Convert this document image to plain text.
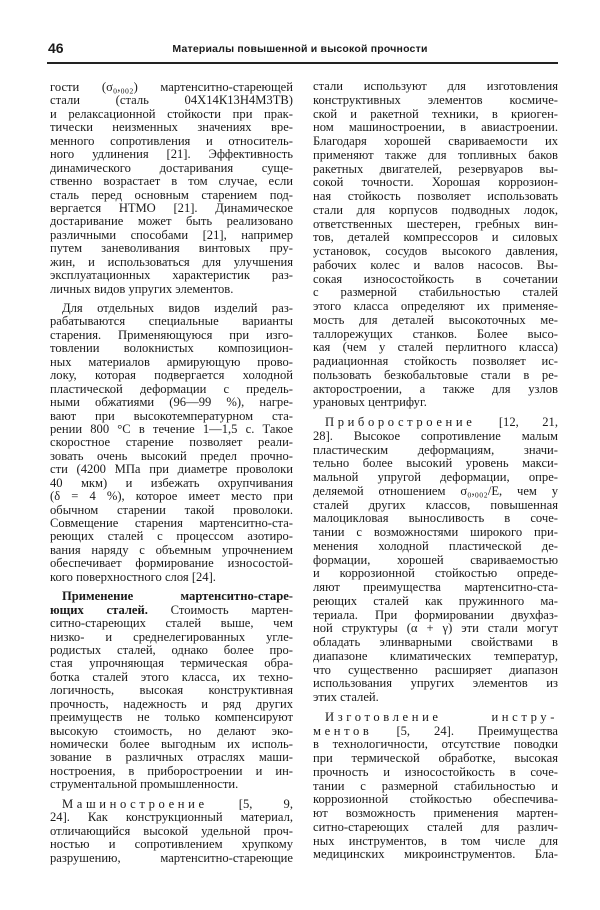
46	Материалы повышенной и высокой прочности
гости (σ₀,₀₀₂) мартенситно-стареющей
стали (сталь 04Х14К13Н4М3ТВ)
и релаксационной стойкости при прак-
тически неизменных значениях вре-
менного сопротивления и относитель-
ного удлинения [21]. Эффективность
динамического достаривания суще-
ственно возрастает в том случае, если
сталь перед основным старением под-
вергается НТМО [21]. Динамическое
достаривание может быть реализовано
различными способами [21], например
путем заневоливания винтовых пру-
жин, и использоваться для улучшения
эксплуатационных характеристик раз-
личных видов упругих элементов.
Для отдельных видов изделий раз-
рабатываются специальные варианты
старения. Применяющуюся при изго-
товлении волокнистых композицион-
ных материалов армирующую прово-
локу, которая подвергается холодной
пластической деформации с предель-
ными обжатиями (96—99 %), нагре-
вают при высокотемпературном ста-
рении 800 °C в течение 1—1,5 с. Такое
скоростное старение позволяет реали-
зовать очень высокий предел прочно-
сти (4200 МПа при диаметре проволоки
40 мкм) и избежать охрупчивания
(δ = 4 %), которое имеет место при
обычном старении такой проволоки.
Совмещение старения мартенситно-ста-
реющих сталей с процессом азотиро-
вания наряду с объемным упрочнением
обеспечивает формирование износостой-
кого поверхностного слоя [24].
Применение мартенситно-старе-
ющих сталей. Стоимость мартен-
ситно-стареющих сталей выше, чем
низко- и среднелегированных угле-
родистых сталей, однако более про-
стая упрочняющая термическая обра-
ботка сталей этого класса, их техно-
логичность, высокая конструктивная
прочность, надежность и ряд других
преимуществ не только компенсируют
высокую стоимость, но делают эко-
номически более выгодным их исполь-
зование в различных отраслях маши-
ностроения, в приборостроении и ин-
струментальной промышленности.
Машиностроение [5, 9,
24]. Как конструкционный материал,
отличающийся высокой удельной проч-
ностью и сопротивлением хрупкому
разрушению, мартенситно-стареющие
стали используют для изготовления
конструктивных элементов космиче-
ской и ракетной техники, в криоген-
ном машиностроении, в авиастроении.
Благодаря хорошей свариваемости их
применяют также для топливных баков
ракетных двигателей, резервуаров вы-
сокой точности. Хорошая коррозион-
ная стойкость позволяет использовать
стали для корпусов подводных лодок,
ответственных шестерен, гребных вин-
тов, деталей компрессоров и силовых
установок, сосудов высокого давления,
рабочих колес и валов насосов. Вы-
сокая износостойкость в сочетании
с размерной стабильностью сталей
этого класса определяют их применяе-
мость для деталей высокоточных ме-
таллорежущих станков. Более высо-
кая (чем у сталей перлитного класса)
радиационная стойкость позволяет ис-
пользовать безкобальтовые стали в ре-
акторостроении, а также для узлов
урановых центрифуг.
Приборостроение [12, 21,
28]. Высокое сопротивление малым
пластическим деформациям, значи-
тельно более высокий уровень макси-
мальной упругой деформации, опре-
деляемой отношением σ₀,₀₀₂/E, чем у
сталей других классов, повышенная
малоцикловая выносливость в соче-
тании с возможностями широкого при-
менения холодной пластической де-
формации, хорошей свариваемостью
и коррозионной стойкостью опреде-
ляют преимущества мартенситно-ста-
реющих сталей как пружинного ма-
териала. При формировании двухфаз-
ной структуры (α + γ) эти стали могут
обладать элинварными свойствами в
диапазоне климатических температур,
что существенно расширяет диапазон
использования упругих элементов из
этих сталей.
Изготовление инстру-
ментов [5, 24]. Преимущества
в технологичности, отсутствие поводки
при термической обработке, высокая
прочность и износостойкость в соче-
тании с размерной стабильностью и
коррозионной стойкостью обеспечива-
ют возможность применения мартен-
ситно-стареющих сталей для различ-
ных инструментов, в том числе для
медицинских микроинструментов. Бла-
